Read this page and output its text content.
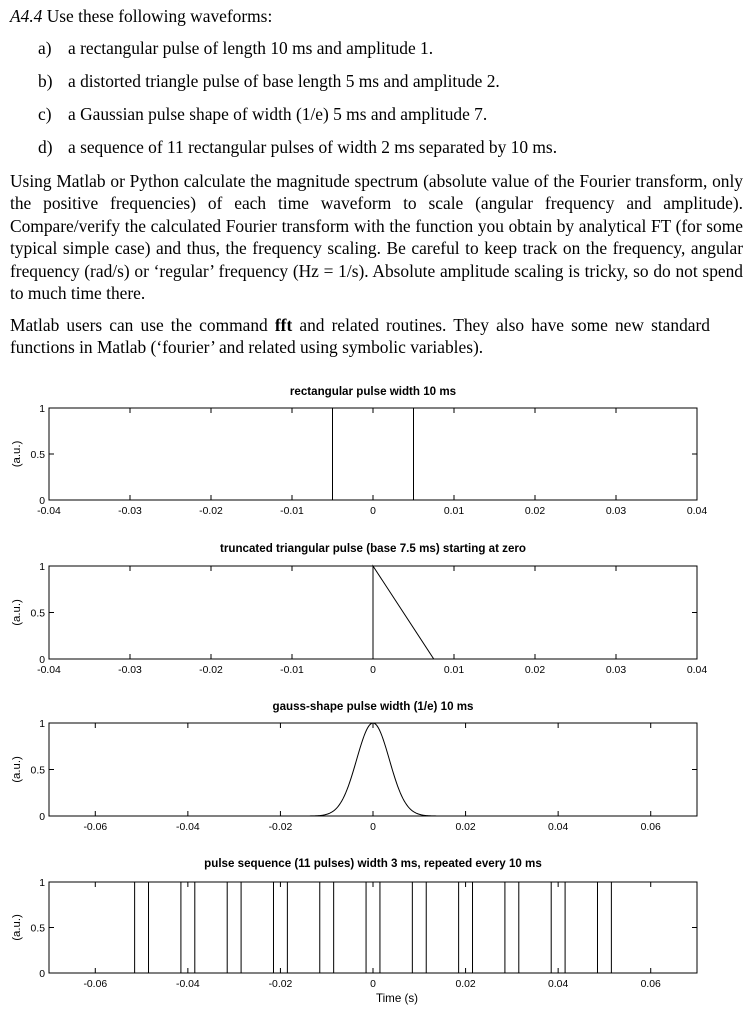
A4.4 Use these following waveforms:
a) a rectangular pulse of length 10 ms and amplitude 1.
b) a distorted triangle pulse of base length 5 ms and amplitude 2.
c) a Gaussian pulse shape of width (1/e) 5 ms and amplitude 7.
d) a sequence of 11 rectangular pulses of width 2 ms separated by 10 ms.
Using Matlab or Python calculate the magnitude spectrum (absolute value of the Fourier transform, only the positive frequencies) of each time waveform to scale (angular frequency and amplitude). Compare/verify the calculated Fourier transform with the function you obtain by analytical FT (for some typical simple case) and thus, the frequency scaling. Be careful to keep track on the frequency, angular frequency (rad/s) or ‘regular’ frequency (Hz = 1/s). Absolute amplitude scaling is tricky, so do not spend to much time there.
Matlab users can use the command fft and related routines. They also have some new standard functions in Matlab (‘fourier’ and related using symbolic variables).
rectangular pulse width 10 ms
-0.04	-0.03	-0.02	-0.01	0	0.01	0.02	0.03	0.04
0
0.5
1
(a.u.)
truncated triangular pulse (base 7.5 ms) starting at zero
-0.04	-0.03	-0.02	-0.01	0	0.01	0.02	0.03	0.04
0
0.5
1
(a.u.)
gauss-shape pulse width (1/e) 10 ms
-0.06	-0.04	-0.02	0	0.02	0.04	0.06
0
0.5
1
(a.u.)
pulse sequence (11 pulses) width 3 ms, repeated every 10 ms
-0.06	-0.04	-0.02	0	0.02	0.04	0.06
0
0.5
1
(a.u.)
Time (s)
